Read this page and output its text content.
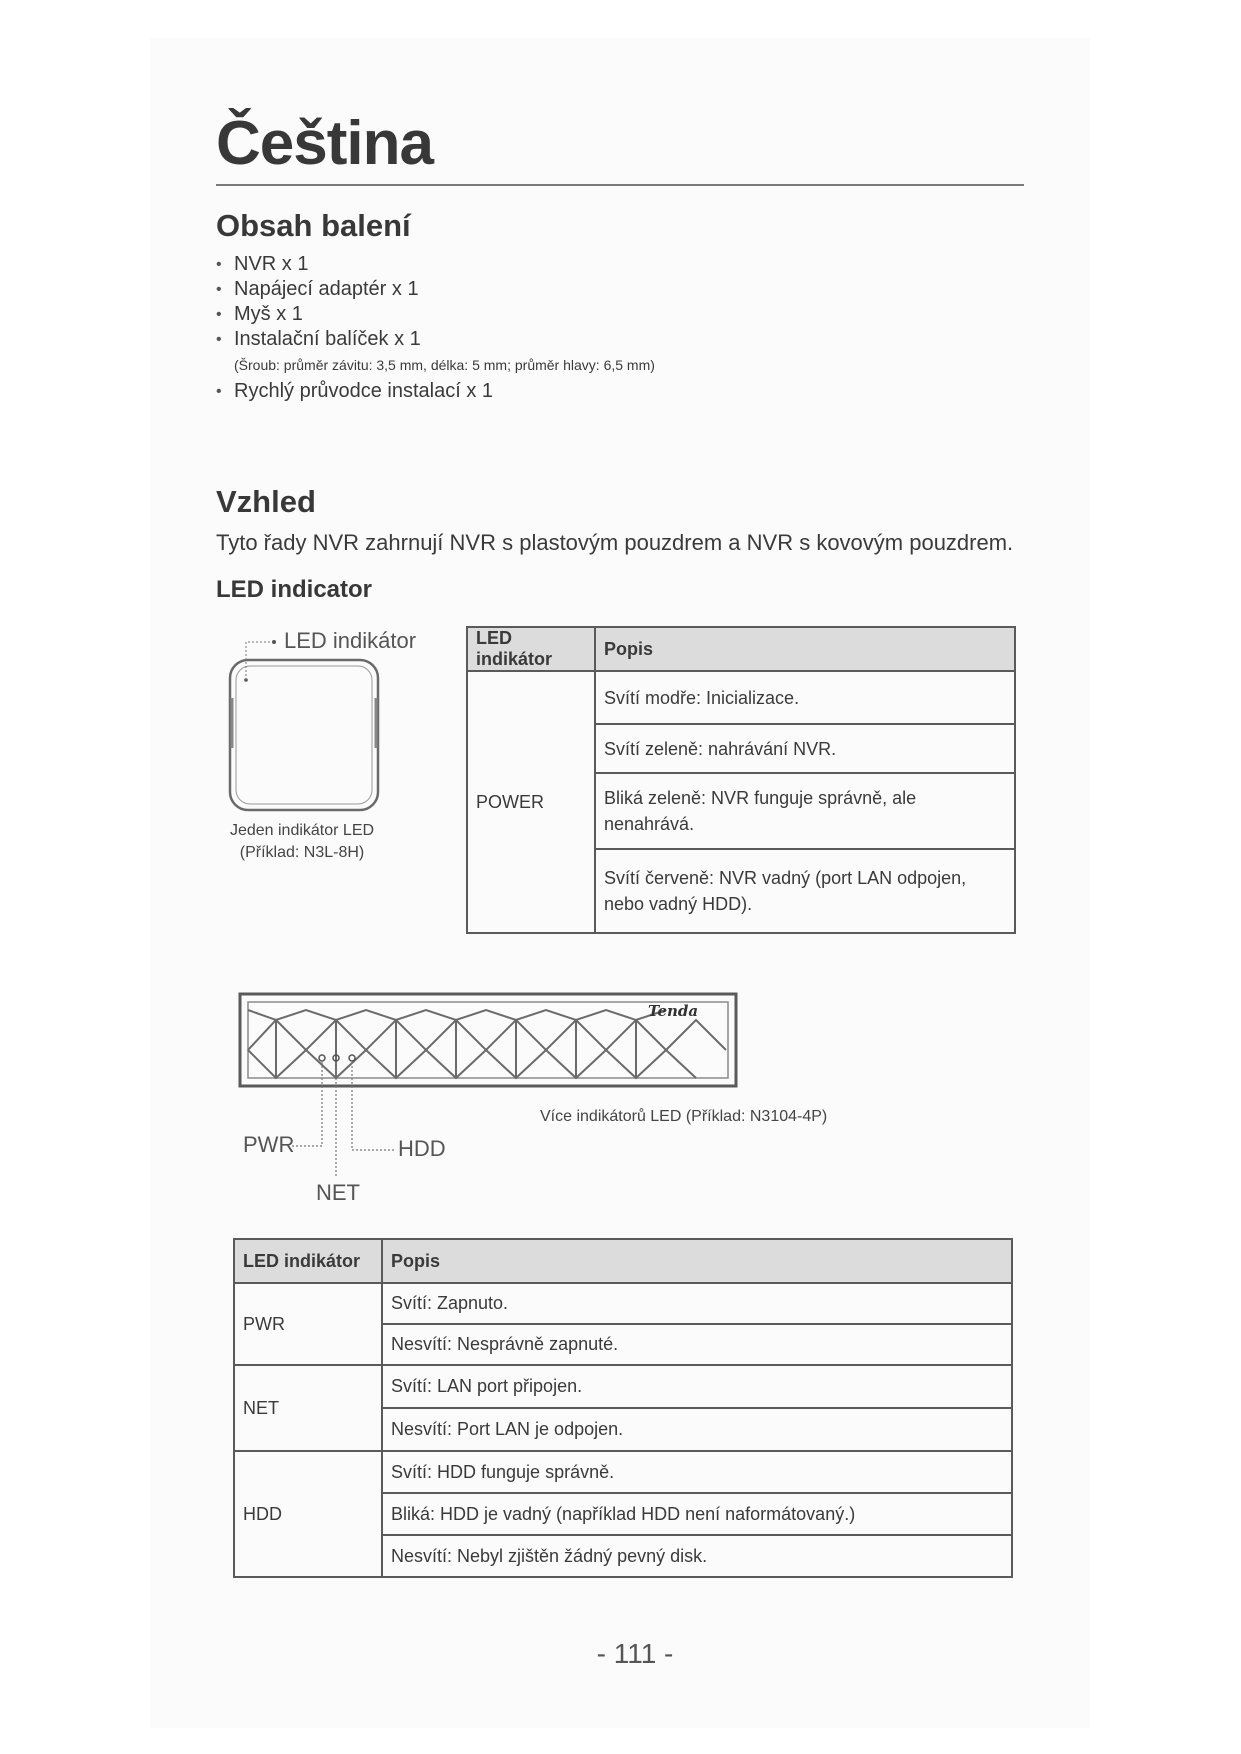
Čeština
Obsah balení
• NVR x 1
• Napájecí adaptér x 1
• Myš x 1
• Instalační balíček x 1
(Šroub: průměr závitu: 3,5 mm, délka: 5 mm; průměr hlavy: 6,5 mm)
• Rychlý průvodce instalací x 1
Vzhled
Tyto řady NVR zahrnují NVR s plastovým pouzdrem a NVR s kovovým pouzdrem.
LED indicator
LED indikátor
Jeden indikátor LED
(Příklad: N3L-8H)
LED indikátor	Popis
POWER	Svítí modře: Inicializace.
	Svítí zeleně: nahrávání NVR.
	Bliká zeleně: NVR funguje správně, ale nenahrává.
	Svítí červeně: NVR vadný (port LAN odpojen, nebo vadný HDD).
Tenda
PWR	HDD
NET
Více indikátorů LED (Příklad: N3104-4P)
LED indikátor	Popis
PWR	Svítí: Zapnuto.
	Nesvítí: Nesprávně zapnuté.
NET	Svítí: LAN port připojen.
	Nesvítí: Port LAN je odpojen.
HDD	Svítí: HDD funguje správně.
	Bliká: HDD je vadný (například HDD není naformátovaný.)
	Nesvítí: Nebyl zjištěn žádný pevný disk.
- 111 -
